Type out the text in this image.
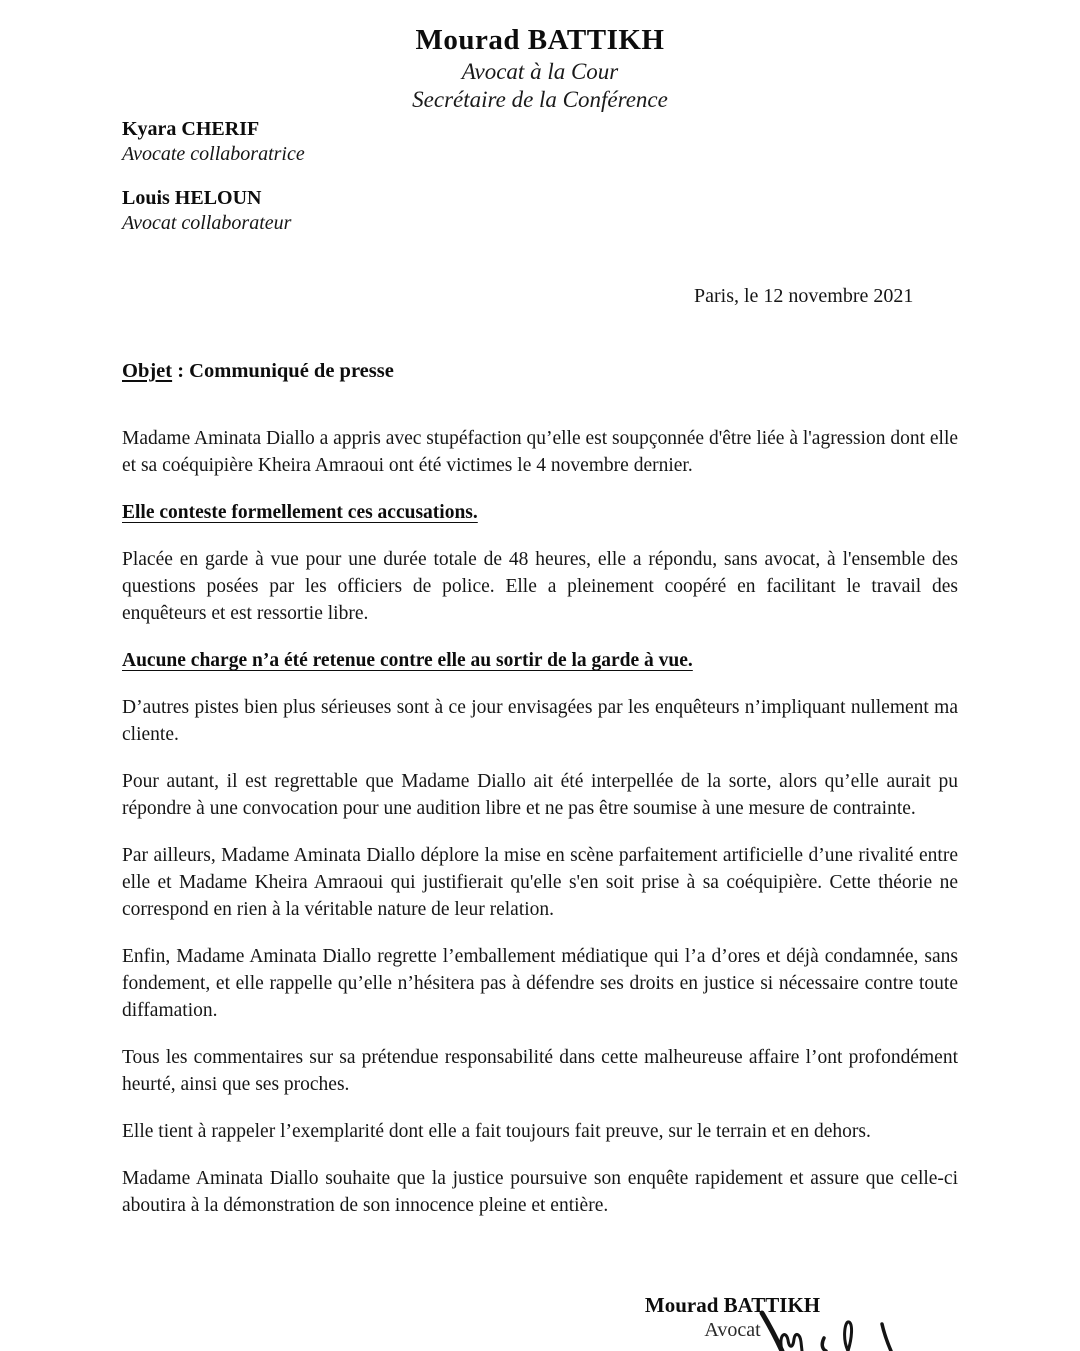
Mourad BATTIKH
Avocat à la Cour
Secrétaire de la Conférence
Kyara CHERIF
Avocate collaboratrice
Louis HELOUN
Avocat collaborateur
Paris, le 12 novembre 2021

Objet : Communiqué de presse

Madame Aminata Diallo a appris avec stupéfaction qu’elle est soupçonnée d'être liée à l'agression dont elle et sa coéquipière Kheira Amraoui ont été victimes le 4 novembre dernier.

Elle conteste formellement ces accusations.

Placée en garde à vue pour une durée totale de 48 heures, elle a répondu, sans avocat, à l'ensemble des questions posées par les officiers de police. Elle a pleinement coopéré en facilitant le travail des enquêteurs et est ressortie libre.

Aucune charge n’a été retenue contre elle au sortir de la garde à vue.

D’autres pistes bien plus sérieuses sont à ce jour envisagées par les enquêteurs n’impliquant nullement ma cliente.

Pour autant, il est regrettable que Madame Diallo ait été interpellée de la sorte, alors qu’elle aurait pu répondre à une convocation pour une audition libre et ne pas être soumise à une mesure de contrainte.

Par ailleurs, Madame Aminata Diallo déplore la mise en scène parfaitement artificielle d’une rivalité entre elle et Madame Kheira Amraoui qui justifierait qu'elle s'en soit prise à sa coéquipière. Cette théorie ne correspond en rien à la véritable nature de leur relation.

Enfin, Madame Aminata Diallo regrette l’emballement médiatique qui l’a d’ores et déjà condamnée, sans fondement, et elle rappelle qu’elle n’hésitera pas à défendre ses droits en justice si nécessaire contre toute diffamation.

Tous les commentaires sur sa prétendue responsabilité dans cette malheureuse affaire l’ont profondément heurté, ainsi que ses proches.

Elle tient à rappeler l’exemplarité dont elle a fait toujours fait preuve, sur le terrain et en dehors.

Madame Aminata Diallo souhaite que la justice poursuive son enquête rapidement et assure que celle-ci aboutira à la démonstration de son innocence pleine et entière.

Mourad BATTIKH
Avocat
